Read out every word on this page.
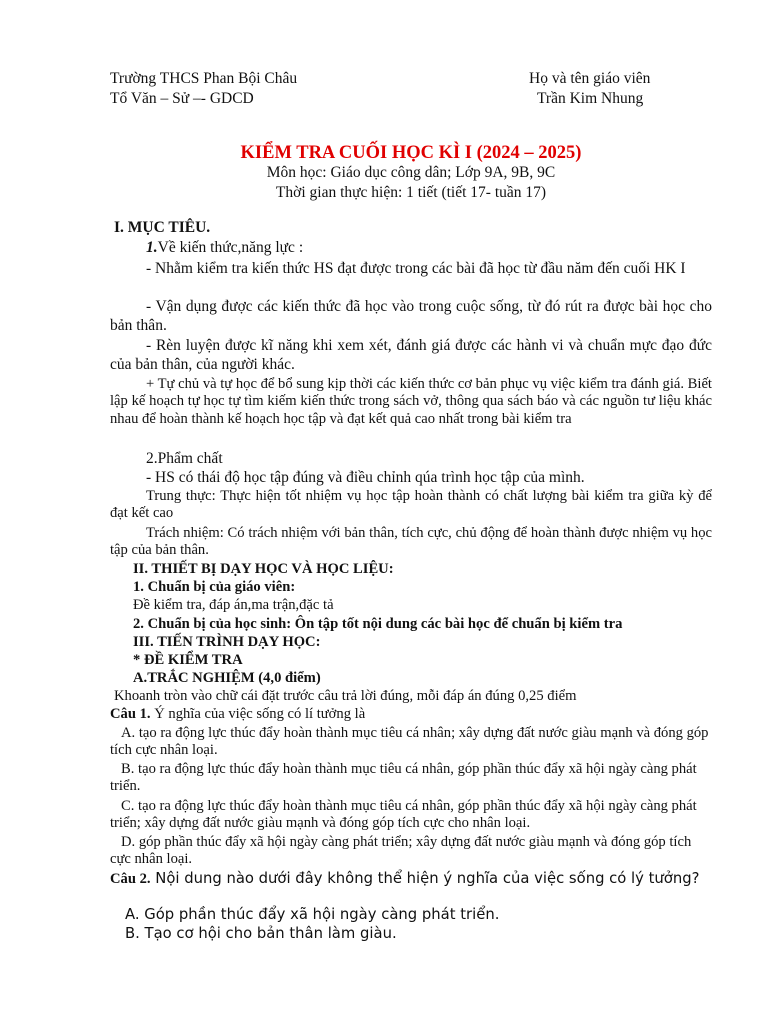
Trường THCS Phan Bội Châu
Tổ Văn – Sử –- GDCD
Họ và tên giáo viên
Trần Kim Nhung
KIỂM TRA CUỐI HỌC KÌ I (2024 – 2025)
Môn học: Giáo dục công dân; Lớp 9A, 9B, 9C
Thời gian thực hiện: 1 tiết (tiết 17- tuần 17)
I. MỤC TIÊU.
1.Về kiến thức,năng lực :
- Nhằm kiểm tra kiến thức HS đạt được trong các bài đã học từ đầu năm đến cuối HK I
- Vận dụng được các kiến thức đã học vào trong cuộc sống, từ đó rút ra được bài học cho bản thân.
- Rèn luyện được kĩ năng khi xem xét, đánh giá được các hành vi và chuẩn mực đạo đức của bản thân, của người khác.
+ Tự chủ và tự học để bổ sung kịp thời các kiến thức cơ bản phục vụ việc kiểm tra đánh giá. Biết lập kế hoạch tự học tự tìm kiếm kiến thức trong sách vở, thông qua sách báo và các nguồn tư liệu khác nhau để hoàn thành kế hoạch học tập và đạt kết quả cao nhất trong bài kiểm tra
2.Phẩm chất
- HS có thái độ học tập đúng và điều chỉnh qúa trình học tập của mình.
Trung thực: Thực hiện tốt nhiệm vụ học tập hoàn thành có chất lượng bài kiểm tra giữa kỳ để đạt kết cao
Trách nhiệm: Có trách nhiệm với bản thân, tích cực, chủ động để hoàn thành được nhiệm vụ học tập của bản thân.
II. THIẾT BỊ DẠY HỌC VÀ HỌC LIỆU:
1. Chuẩn bị của giáo viên:
Đề kiểm tra, đáp án,ma trận,đặc tả
2. Chuẩn bị của học sinh: Ôn tập tốt nội dung các bài học để chuẩn bị kiểm tra
III. TIẾN TRÌNH DẠY HỌC:
* ĐỀ KIỂM TRA
A.TRẮC NGHIỆM (4,0 điểm)
Khoanh tròn vào chữ cái đặt trước câu trả lời đúng, mỗi đáp án đúng 0,25 điểm
Câu 1. Ý nghĩa của việc sống có lí tưởng là
A. tạo ra động lực thúc đẩy hoàn thành mục tiêu cá nhân; xây dựng đất nước giàu mạnh và đóng góp tích cực nhân loại.
B. tạo ra động lực thúc đẩy hoàn thành mục tiêu cá nhân, góp phần thúc đẩy xã hội ngày càng phát triển.
C. tạo ra động lực thúc đẩy hoàn thành mục tiêu cá nhân, góp phần thúc đẩy xã hội ngày càng phát triển; xây dựng đất nước giàu mạnh và đóng góp tích cực cho nhân loại.
D. góp phần thúc đẩy xã hội ngày càng phát triển; xây dựng đất nước giàu mạnh và đóng góp tích cực nhân loại.
Câu 2. Nội dung nào dưới đây không thể hiện ý nghĩa của việc sống có lý tưởng?
A. Góp phần thúc đẩy xã hội ngày càng phát triển.
B. Tạo cơ hội cho bản thân làm giàu.
